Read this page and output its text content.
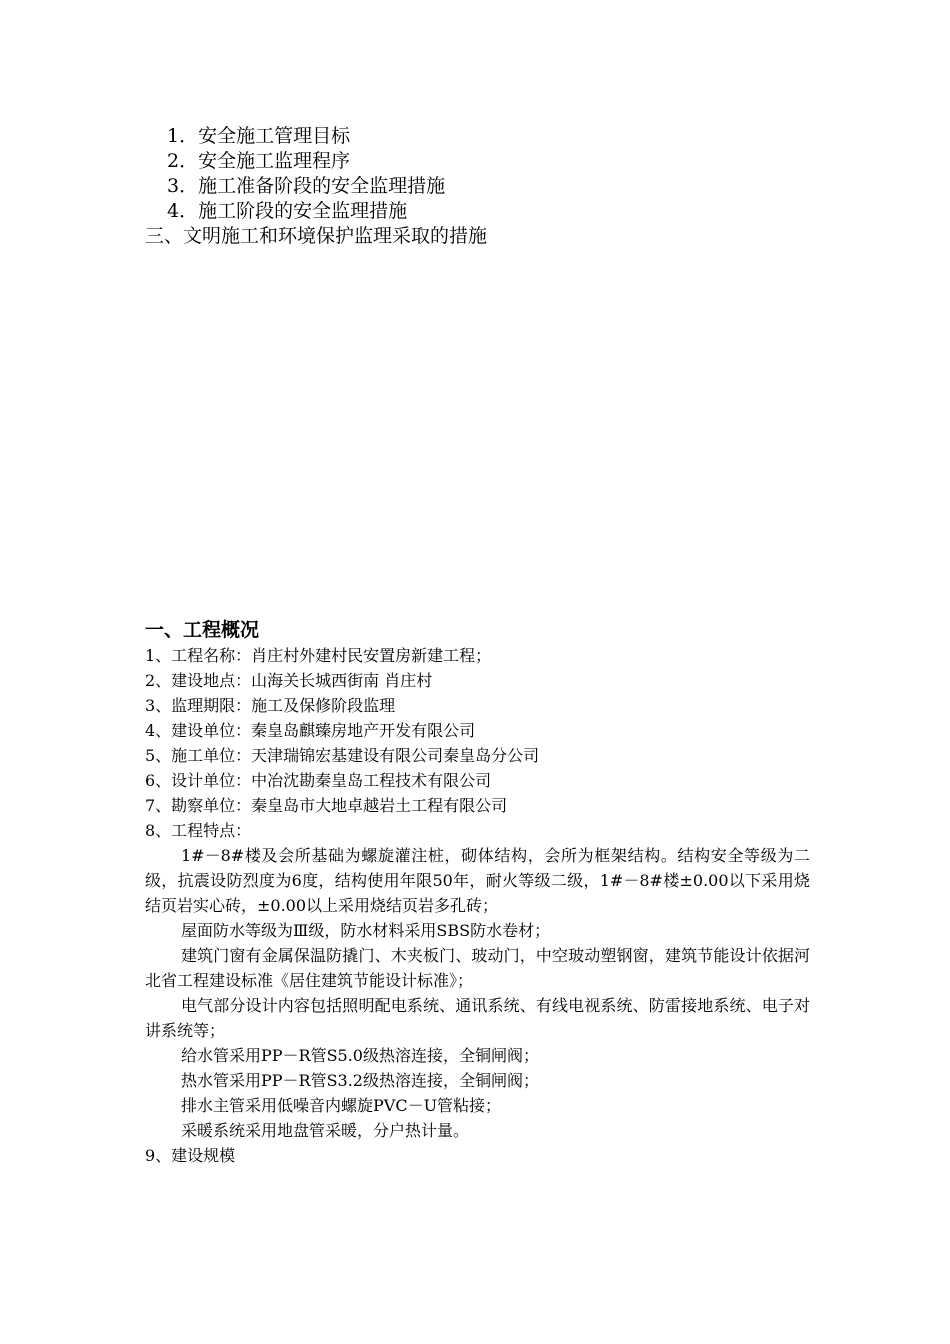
1．安全施工管理目标
2．安全施工监理程序
3．施工准备阶段的安全监理措施
4．施工阶段的安全监理措施
三、文明施工和环境保护监理采取的措施
一、工程概况
1、工程名称：肖庄村外建村民安置房新建工程；
2、建设地点：山海关长城西街南 肖庄村
3、监理期限：施工及保修阶段监理
4、建设单位：秦皇岛麒臻房地产开发有限公司
5、施工单位：天津瑞锦宏基建设有限公司秦皇岛分公司
6、设计单位：中冶沈勘秦皇岛工程技术有限公司
7、勘察单位：秦皇岛市大地卓越岩土工程有限公司
8、工程特点：
1#－8#楼及会所基础为螺旋灌注桩，砌体结构，会所为框架结构。结构安全等级为二级，抗震设防烈度为6度，结构使用年限50年，耐火等级二级，1#－8#楼±0.00以下采用烧结页岩实心砖，±0.00以上采用烧结页岩多孔砖；
屋面防水等级为Ⅲ级，防水材料采用SBS防水卷材；
建筑门窗有金属保温防撬门、木夹板门、玻动门，中空玻动塑钢窗，建筑节能设计依据河北省工程建设标准《居住建筑节能设计标准》；
电气部分设计内容包括照明配电系统、通讯系统、有线电视系统、防雷接地系统、电子对讲系统等；
给水管采用PP－R管S5.0级热溶连接，全铜闸阀；
热水管采用PP－R管S3.2级热溶连接，全铜闸阀；
排水主管采用低噪音内螺旋PVC－U管粘接；
采暖系统采用地盘管采暖，分户热计量。
9、建设规模
